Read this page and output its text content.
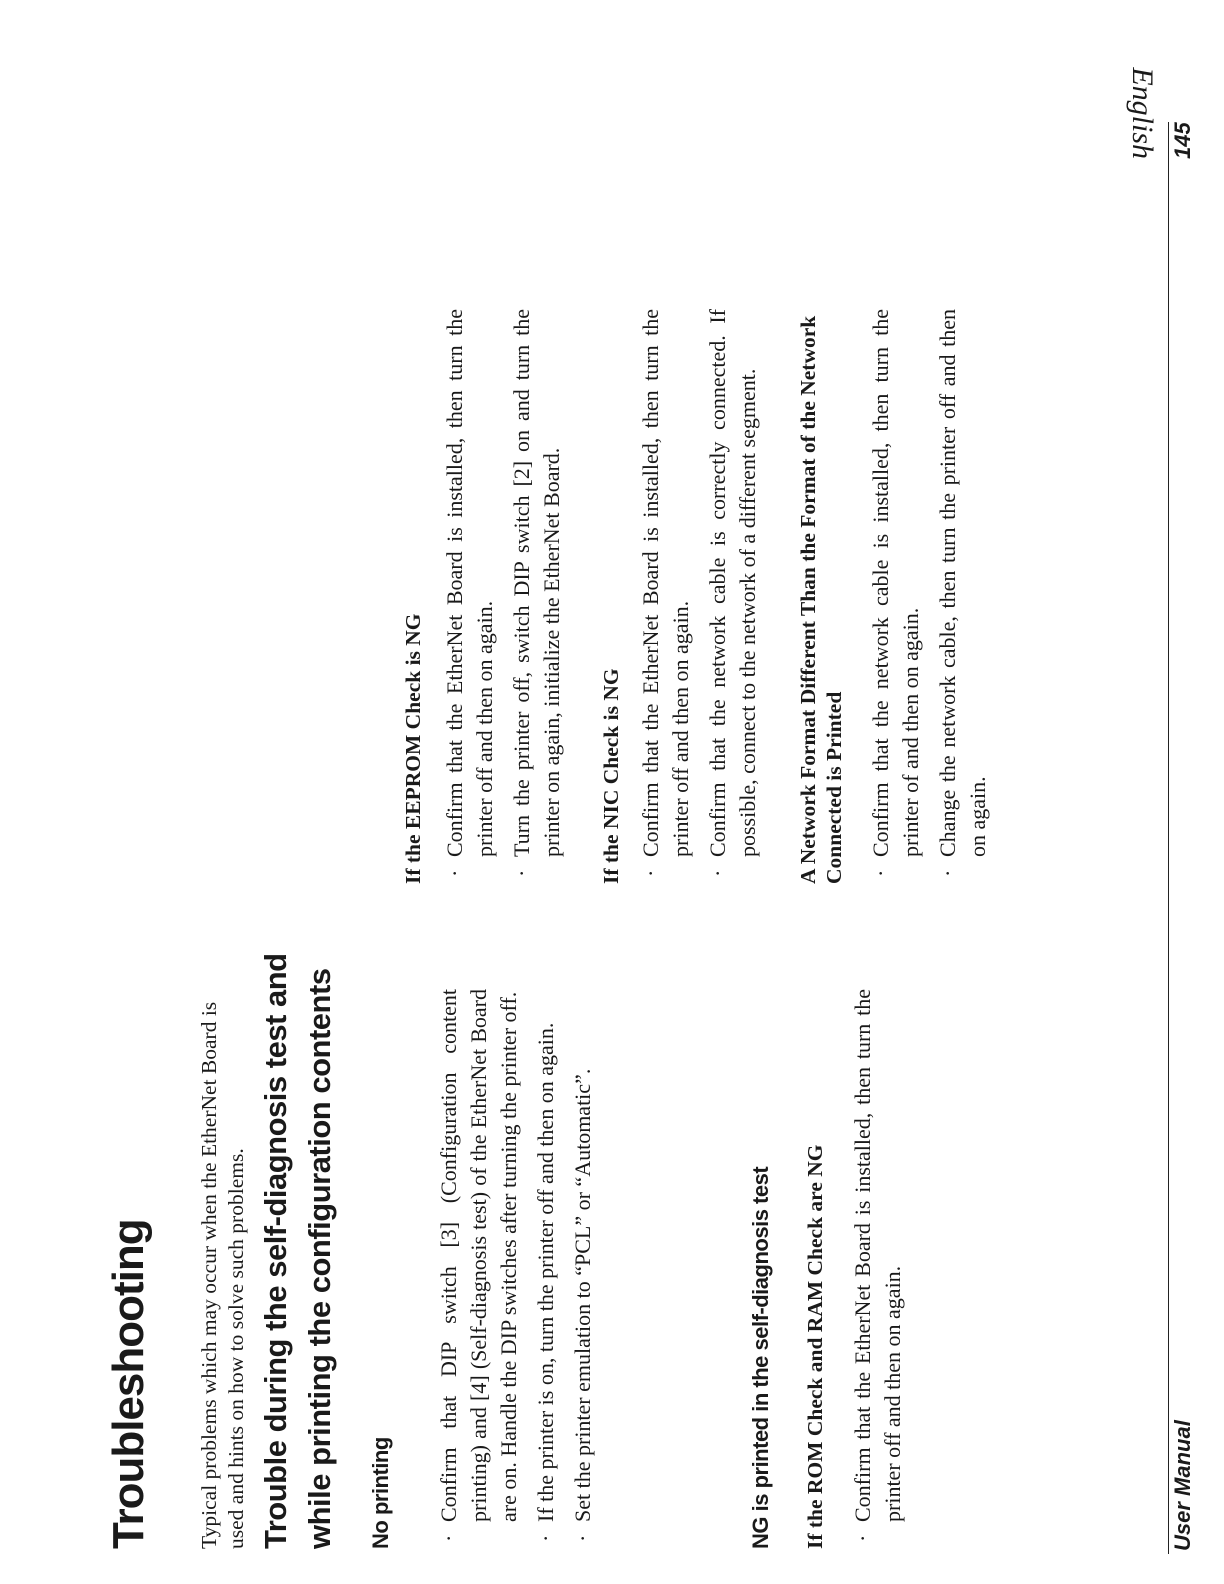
English
Troubleshooting Typical problems which may occur when the EtherNet Board is used and hints on how to solve such problems. Trouble during the self-diagnosis test and while printing the configuration contents No printing · Confirm that DIP switch [3] (Configuration content printing) and [4] (Self-diagnosis test) of the EtherNet Board are on. Handle the DIP switches after turning the printer off. · If the printer is on, turn the printer off and then on again. · Set the printer emulation to “PCL” or “Automatic”.	NG is printed in the self-diagnosis test If the ROM Check and RAM Check are NG · Confirm that the EtherNet Board is installed, then turn the printer off and then on again.
If the EEPROM Check is NG · Confirm that the EtherNet Board is installed, then turn the printer off and then on again. · Turn the printer off, switch DIP switch [2] on and turn the printer on again, initialize the EtherNet Board. If the NIC Check is NG · Confirm that the EtherNet Board is installed, then turn the printer off and then on again. · Confirm that the network cable is correctly connected. If possible, connect to the network of a different segment. A Network Format Different Than the Format of the Network Connected is Printed · Confirm that the network cable is installed, then turn the printer of and then on again. · Change the network cable, then turn the printer off and then on again.
User Manual
145
